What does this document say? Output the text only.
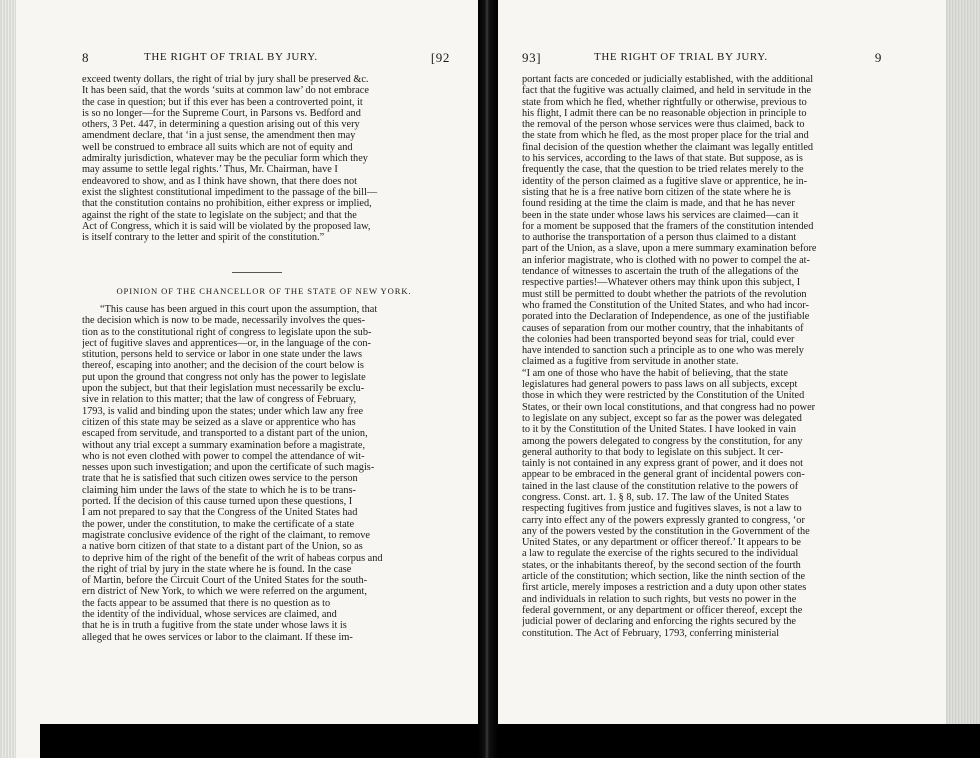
8	THE RIGHT OF TRIAL BY JURY.	[92
exceed twenty dollars, the right of trial by jury shall be preserved &c.
It has been said, that the words ‘suits at common law’ do not embrace
the case in question; but if this ever has been a controverted point, it
is so no longer—for the Supreme Court, in Parsons vs. Bedford and
others, 3 Pet. 447, in determining a question arising out of this very
amendment declare, that ‘in a just sense, the amendment then may
well be construed to embrace all suits which are not of equity and
admiralty jurisdiction, whatever may be the peculiar form which they
may assume to settle legal rights.’ Thus, Mr. Chairman, have I
endeavored to show, and as I think have shown, that there does not
exist the slightest constitutional impediment to the passage of the bill—
that the constitution contains no prohibition, either express or implied,
against the right of the state to legislate on the subject; and that the
Act of Congress, which it is said will be violated by the proposed law,
is itself contrary to the letter and spirit of the constitution.”
OPINION OF THE CHANCELLOR OF THE STATE OF NEW YORK.
“This cause has been argued in this court upon the assumption, that
the decision which is now to be made, necessarily involves the ques-
tion as to the constitutional right of congress to legislate upon the sub-
ject of fugitive slaves and apprentices—or, in the language of the con-
stitution, persons held to service or labor in one state under the laws
thereof, escaping into another; and the decision of the court below is
put upon the ground that congress not only has the power to legislate
upon the subject, but that their legislation must necessarily be exclu-
sive in relation to this matter; that the law of congress of February,
1793, is valid and binding upon the states; under which law any free
citizen of this state may be seized as a slave or apprentice who has
escaped from servitude, and transported to a distant part of the union,
without any trial except a summary examination before a magistrate,
who is not even clothed with power to compel the attendance of wit-
nesses upon such investigation; and upon the certificate of such magis-
trate that he is satisfied that such citizen owes service to the person
claiming him under the laws of the state to which he is to be trans-
ported. If the decision of this cause turned upon these questions, I
I am not prepared to say that the Congress of the United States had
the power, under the constitution, to make the certificate of a state
magistrate conclusive evidence of the right of the claimant, to remove
a native born citizen of that state to a distant part of the Union, so as
to deprive him of the right of the benefit of the writ of habeas corpus and
the right of trial by jury in the state where he is found. In the case
of Martin, before the Circuit Court of the United States for the south-
ern district of New York, to which we were referred on the argument,
the facts appear to be assumed that there is no question as to
the identity of the individual, whose services are claimed, and
that he is in truth a fugitive from the state under whose laws it is
alleged that he owes services or labor to the claimant. If these im-
93]	THE RIGHT OF TRIAL BY JURY.	9
portant facts are conceded or judicially established, with the additional
fact that the fugitive was actually claimed, and held in servitude in the
state from which he fled, whether rightfully or otherwise, previous to
his flight, I admit there can be no reasonable objection in principle to
the removal of the person whose services were thus claimed, back to
the state from which he fled, as the most proper place for the trial and
final decision of the question whether the claimant was legally entitled
to his services, according to the laws of that state. But suppose, as is
frequently the case, that the question to be tried relates merely to the
identity of the person claimed as a fugitive slave or apprentice, he in-
sisting that he is a free native born citizen of the state where he is
found residing at the time the claim is made, and that he has never
been in the state under whose laws his services are claimed—can it
for a moment be supposed that the framers of the constitution intended
to authorise the transportation of a person thus claimed to a distant
part of the Union, as a slave, upon a mere summary examination before
an inferior magistrate, who is clothed with no power to compel the at-
tendance of witnesses to ascertain the truth of the allegations of the
respective parties!—Whatever others may think upon this subject, I
must still be permitted to doubt whether the patriots of the revolution
who framed the Constitution of the United States, and who had incor-
porated into the Declaration of Independence, as one of the justifiable
causes of separation from our mother country, that the inhabitants of
the colonies had been transported beyond seas for trial, could ever
have intended to sanction such a principle as to one who was merely
claimed as a fugitive from servitude in another state.
“I am one of those who have the habit of believing, that the state
legislatures had general powers to pass laws on all subjects, except
those in which they were restricted by the Constitution of the United
States, or their own local constitutions, and that congress had no power
to legislate on any subject, except so far as the power was delegated
to it by the Constitution of the United States. I have looked in vain
among the powers delegated to congress by the constitution, for any
general authority to that body to legislate on this subject. It cer-
tainly is not contained in any express grant of power, and it does not
appear to be embraced in the general grant of incidental powers con-
tained in the last clause of the constitution relative to the powers of
congress. Const. art. 1. § 8, sub. 17. The law of the United States
respecting fugitives from justice and fugitives slaves, is not a law to
carry into effect any of the powers expressly granted to congress, ‘or
any of the powers vested by the constitution in the Government of the
United States, or any department or officer thereof.’ It appears to be
a law to regulate the exercise of the rights secured to the individual
states, or the inhabitants thereof, by the second section of the fourth
article of the constitution; which section, like the ninth section of the
first article, merely imposes a restriction and a duty upon other states
and individuals in relation to such rights, but vests no power in the
federal government, or any department or officer thereof, except the
judicial power of declaring and enforcing the rights secured by the
constitution. The Act of February, 1793, conferring ministerial
